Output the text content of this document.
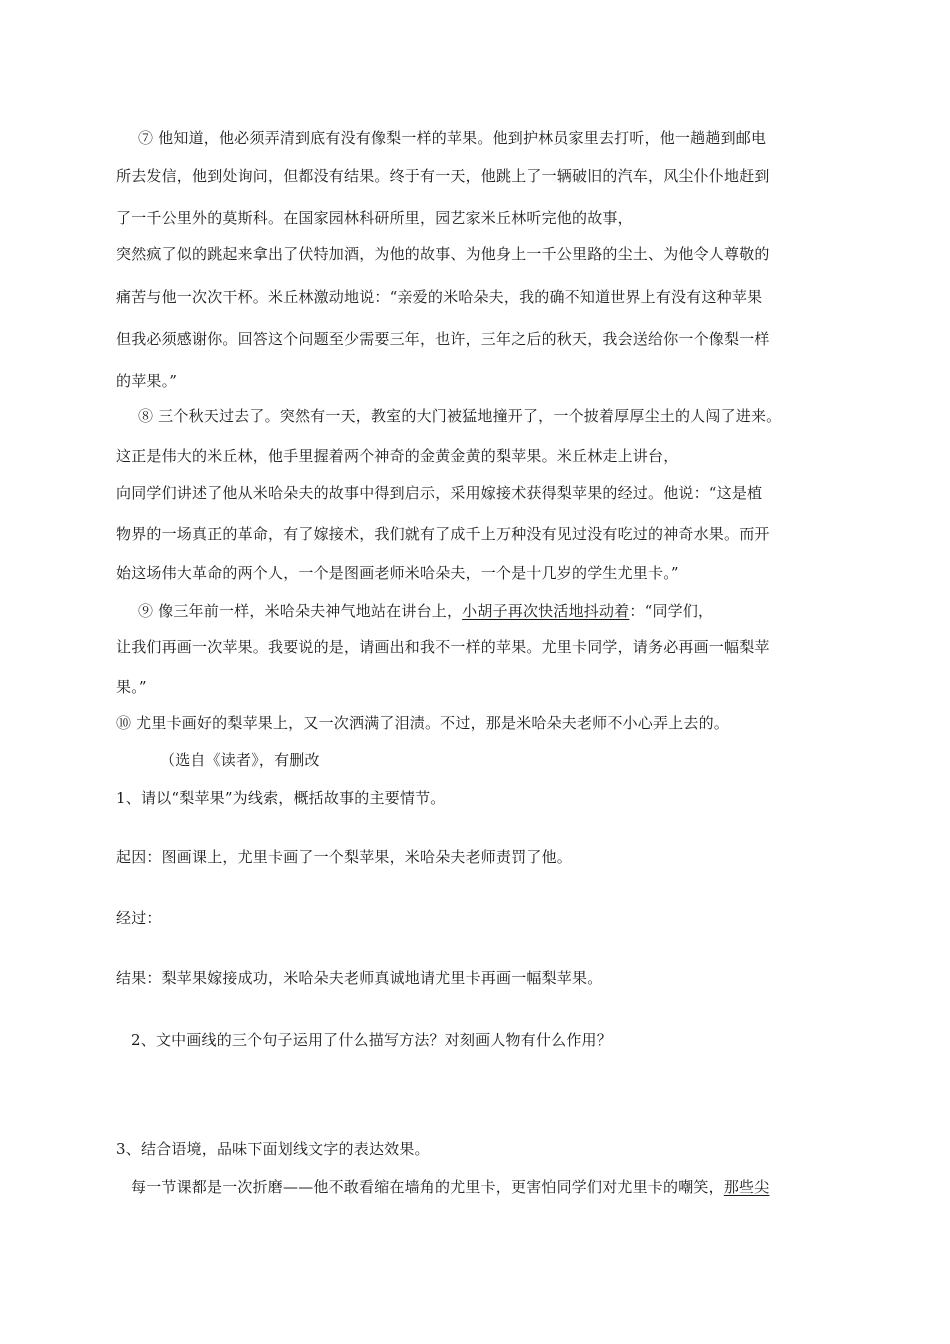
⑦ 他知道，他必须弄清到底有没有像梨一样的苹果。他到护林员家里去打听，他一趟趟到邮电
所去发信，他到处询问，但都没有结果。终于有一天，他跳上了一辆破旧的汽车，风尘仆仆地赶到
了一千公里外的莫斯科。在国家园林科研所里，园艺家米丘林听完他的故事，
突然疯了似的跳起来拿出了伏特加酒，为他的故事、为他身上一千公里路的尘土、为他令人尊敬的
痛苦与他一次次干杯。米丘林激动地说：“亲爱的米哈朵夫，我的确不知道世界上有没有这种苹果
但我必须感谢你。回答这个问题至少需要三年，也许，三年之后的秋天，我会送给你一个像梨一样
的苹果。”
⑧ 三个秋天过去了。突然有一天，教室的大门被猛地撞开了，一个披着厚厚尘土的人闯了进来。
这正是伟大的米丘林，他手里握着两个神奇的金黄金黄的梨苹果。米丘林走上讲台，
向同学们讲述了他从米哈朵夫的故事中得到启示，采用嫁接术获得梨苹果的经过。他说：“这是植
物界的一场真正的革命，有了嫁接术，我们就有了成千上万种没有见过没有吃过的神奇水果。而开
始这场伟大革命的两个人，一个是图画老师米哈朵夫，一个是十几岁的学生尤里卡。”
⑨ 像三年前一样，米哈朵夫神气地站在讲台上，小胡子再次快活地抖动着：“同学们，
让我们再画一次苹果。我要说的是，请画出和我不一样的苹果。尤里卡同学，请务必再画一幅梨苹
果。”
⑩ 尤里卡画好的梨苹果上，又一次洒满了泪渍。不过，那是米哈朵夫老师不小心弄上去的。
（选自《读者》，有删改
1、请以“梨苹果”为线索，概括故事的主要情节。
起因：图画课上，尤里卡画了一个梨苹果，米哈朵夫老师责罚了他。
经过：
结果：梨苹果嫁接成功，米哈朵夫老师真诚地请尤里卡再画一幅梨苹果。
2、文中画线的三个句子运用了什么描写方法？对刻画人物有什么作用？
3、结合语境，品味下面划线文字的表达效果。
每一节课都是一次折磨——他不敢看缩在墙角的尤里卡，更害怕同学们对尤里卡的嘲笑，那些尖
